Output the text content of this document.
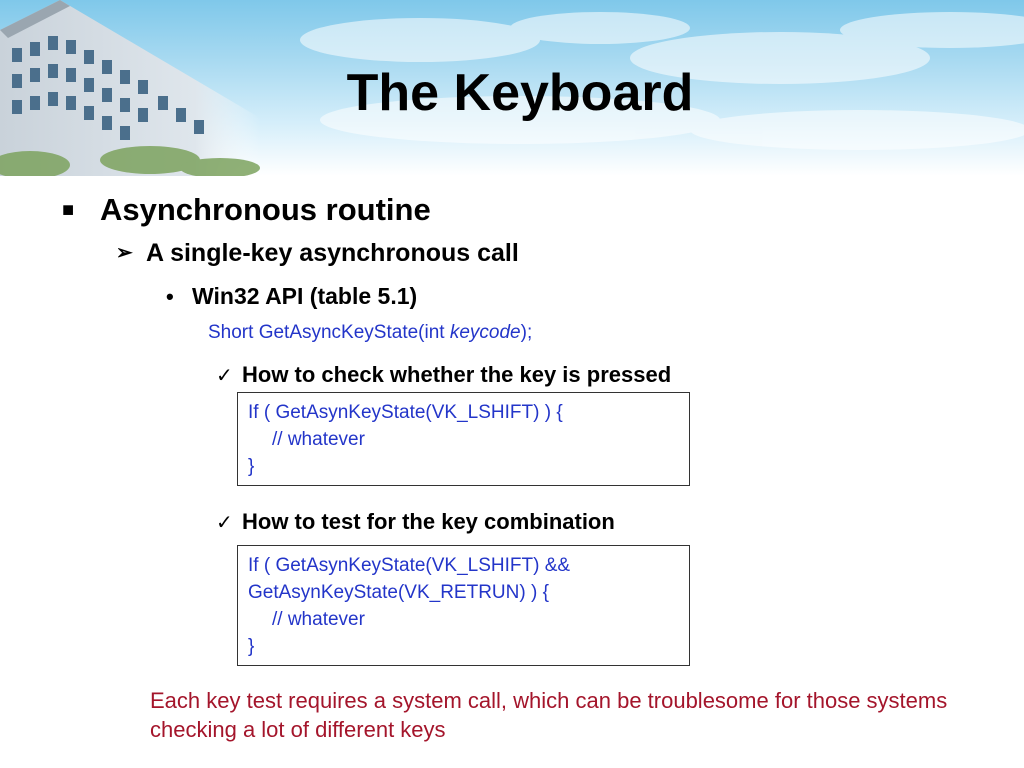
The Keyboard
■ Asynchronous routine
➢ A single-key asynchronous call
• Win32 API (table 5.1)
Short GetAsyncKeyState(int keycode);
✓ How to check whether the key is pressed
If ( GetAsynKeyState(VK_LSHIFT) ) {
// whatever
}
✓ How to test for the key combination
If ( GetAsynKeyState(VK_LSHIFT) &&
GetAsynKeyState(VK_RETRUN) ) {
// whatever
}
Each key test requires a system call, which can be troublesome for those systems checking a lot of different keys
